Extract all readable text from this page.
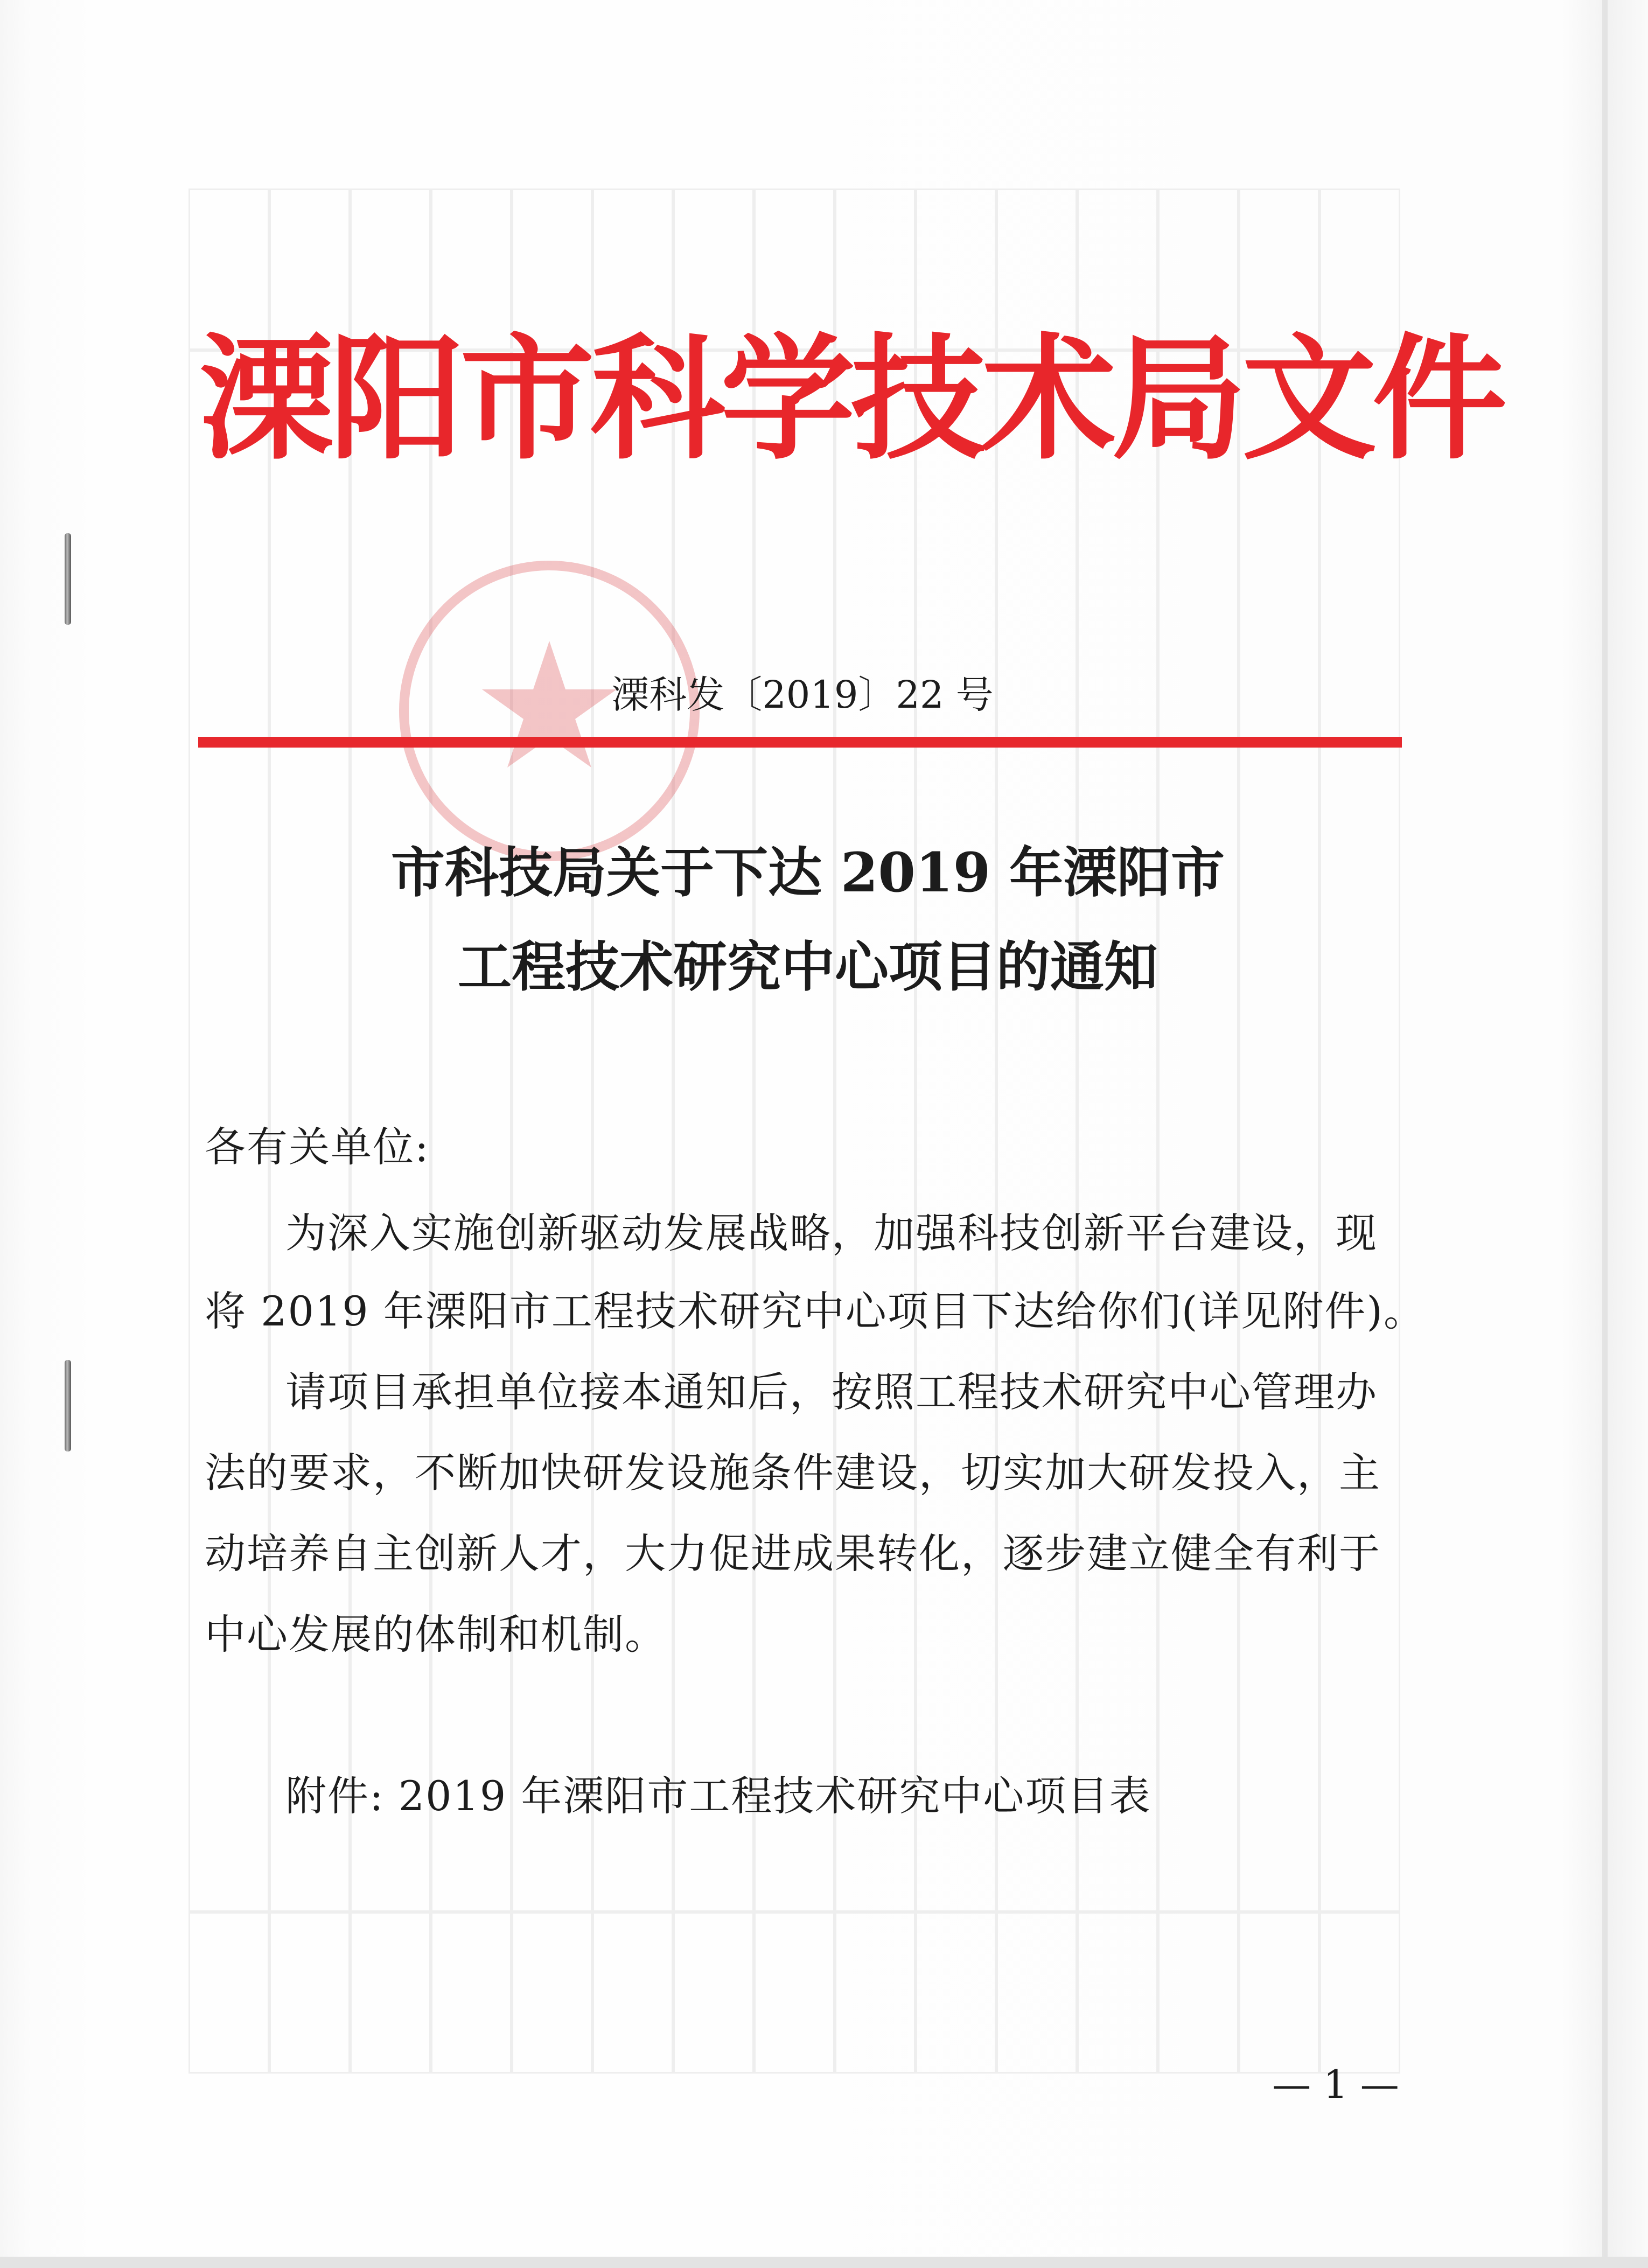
溧阳市科学技术局文件
溧科发〔2019〕22 号
市科技局关于下达 2019 年溧阳市
工程技术研究中心项目的通知
各有关单位:
为深入实施创新驱动发展战略，加强科技创新平台建设，现
将 2019 年溧阳市工程技术研究中心项目下达给你们(详见附件)。
请项目承担单位接本通知后，按照工程技术研究中心管理办
法的要求，不断加快研发设施条件建设，切实加大研发投入，主
动培养自主创新人才，大力促进成果转化，逐步建立健全有利于
中心发展的体制和机制。
附件: 2019 年溧阳市工程技术研究中心项目表
— 1 —
